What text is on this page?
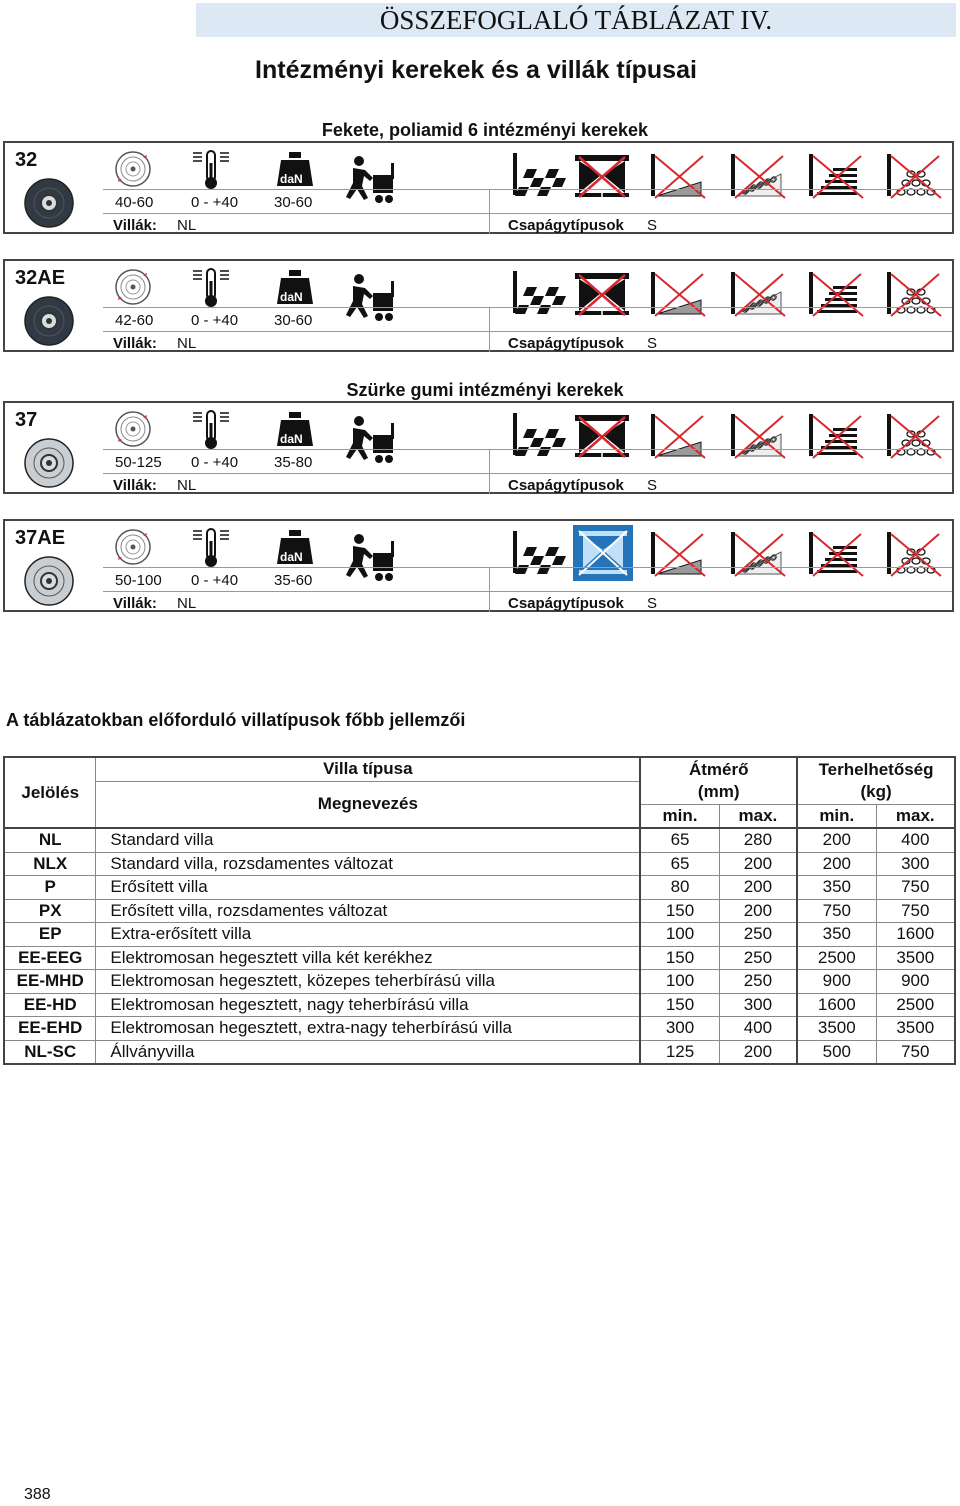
ÖSSZEFOGLALÓ TÁBLÁZAT IV.
Intézményi kerekek és a villák típusai
Fekete, poliamid 6 intézményi kerekek
Szürke gumi intézményi kerekek
32
daN
40-60	0 - +40 30-60
Villák: NL	Csapágytípusok S
32AE
daN
42-60	0 - +40 30-60
Villák: NL	Csapágytípusok S
37
daN
50-125 0 - +40 35-80
Villák: NL	Csapágytípusok S
37AE
daN
50-100 0 - +40 35-60
Villák: NL	Csapágytípusok S
A táblázatokban előforduló villatípusok főbb jellemzői
Jelölés	Villa típusa	Átmérő		Terhelhetőség	
	Megnevezés	(mm)		(kg)	
		min.	max.	min.	max.
NL	Standard villa	65	280	200	400
NLX	Standard villa, rozsdamentes változat	65	200	200	300
P	Erősített villa	80	200	350	750
PX	Erősített villa, rozsdamentes változat	150	200	750	750
EP	Extra-erősített villa	100	250	350	1600
EE-EEG	Elektromosan hegesztett villa két kerékhez	150	250	2500	3500
EE-MHD	Elektromosan hegesztett, közepes teherbírású villa	100	250	900	900
EE-HD	Elektromosan hegesztett, nagy teherbírású villa	150	300	1600	2500
EE-EHD	Elektromosan hegesztett, extra-nagy teherbírású villa	300	400	3500	3500
NL-SC	Állványvilla	125	200	500	750
388
